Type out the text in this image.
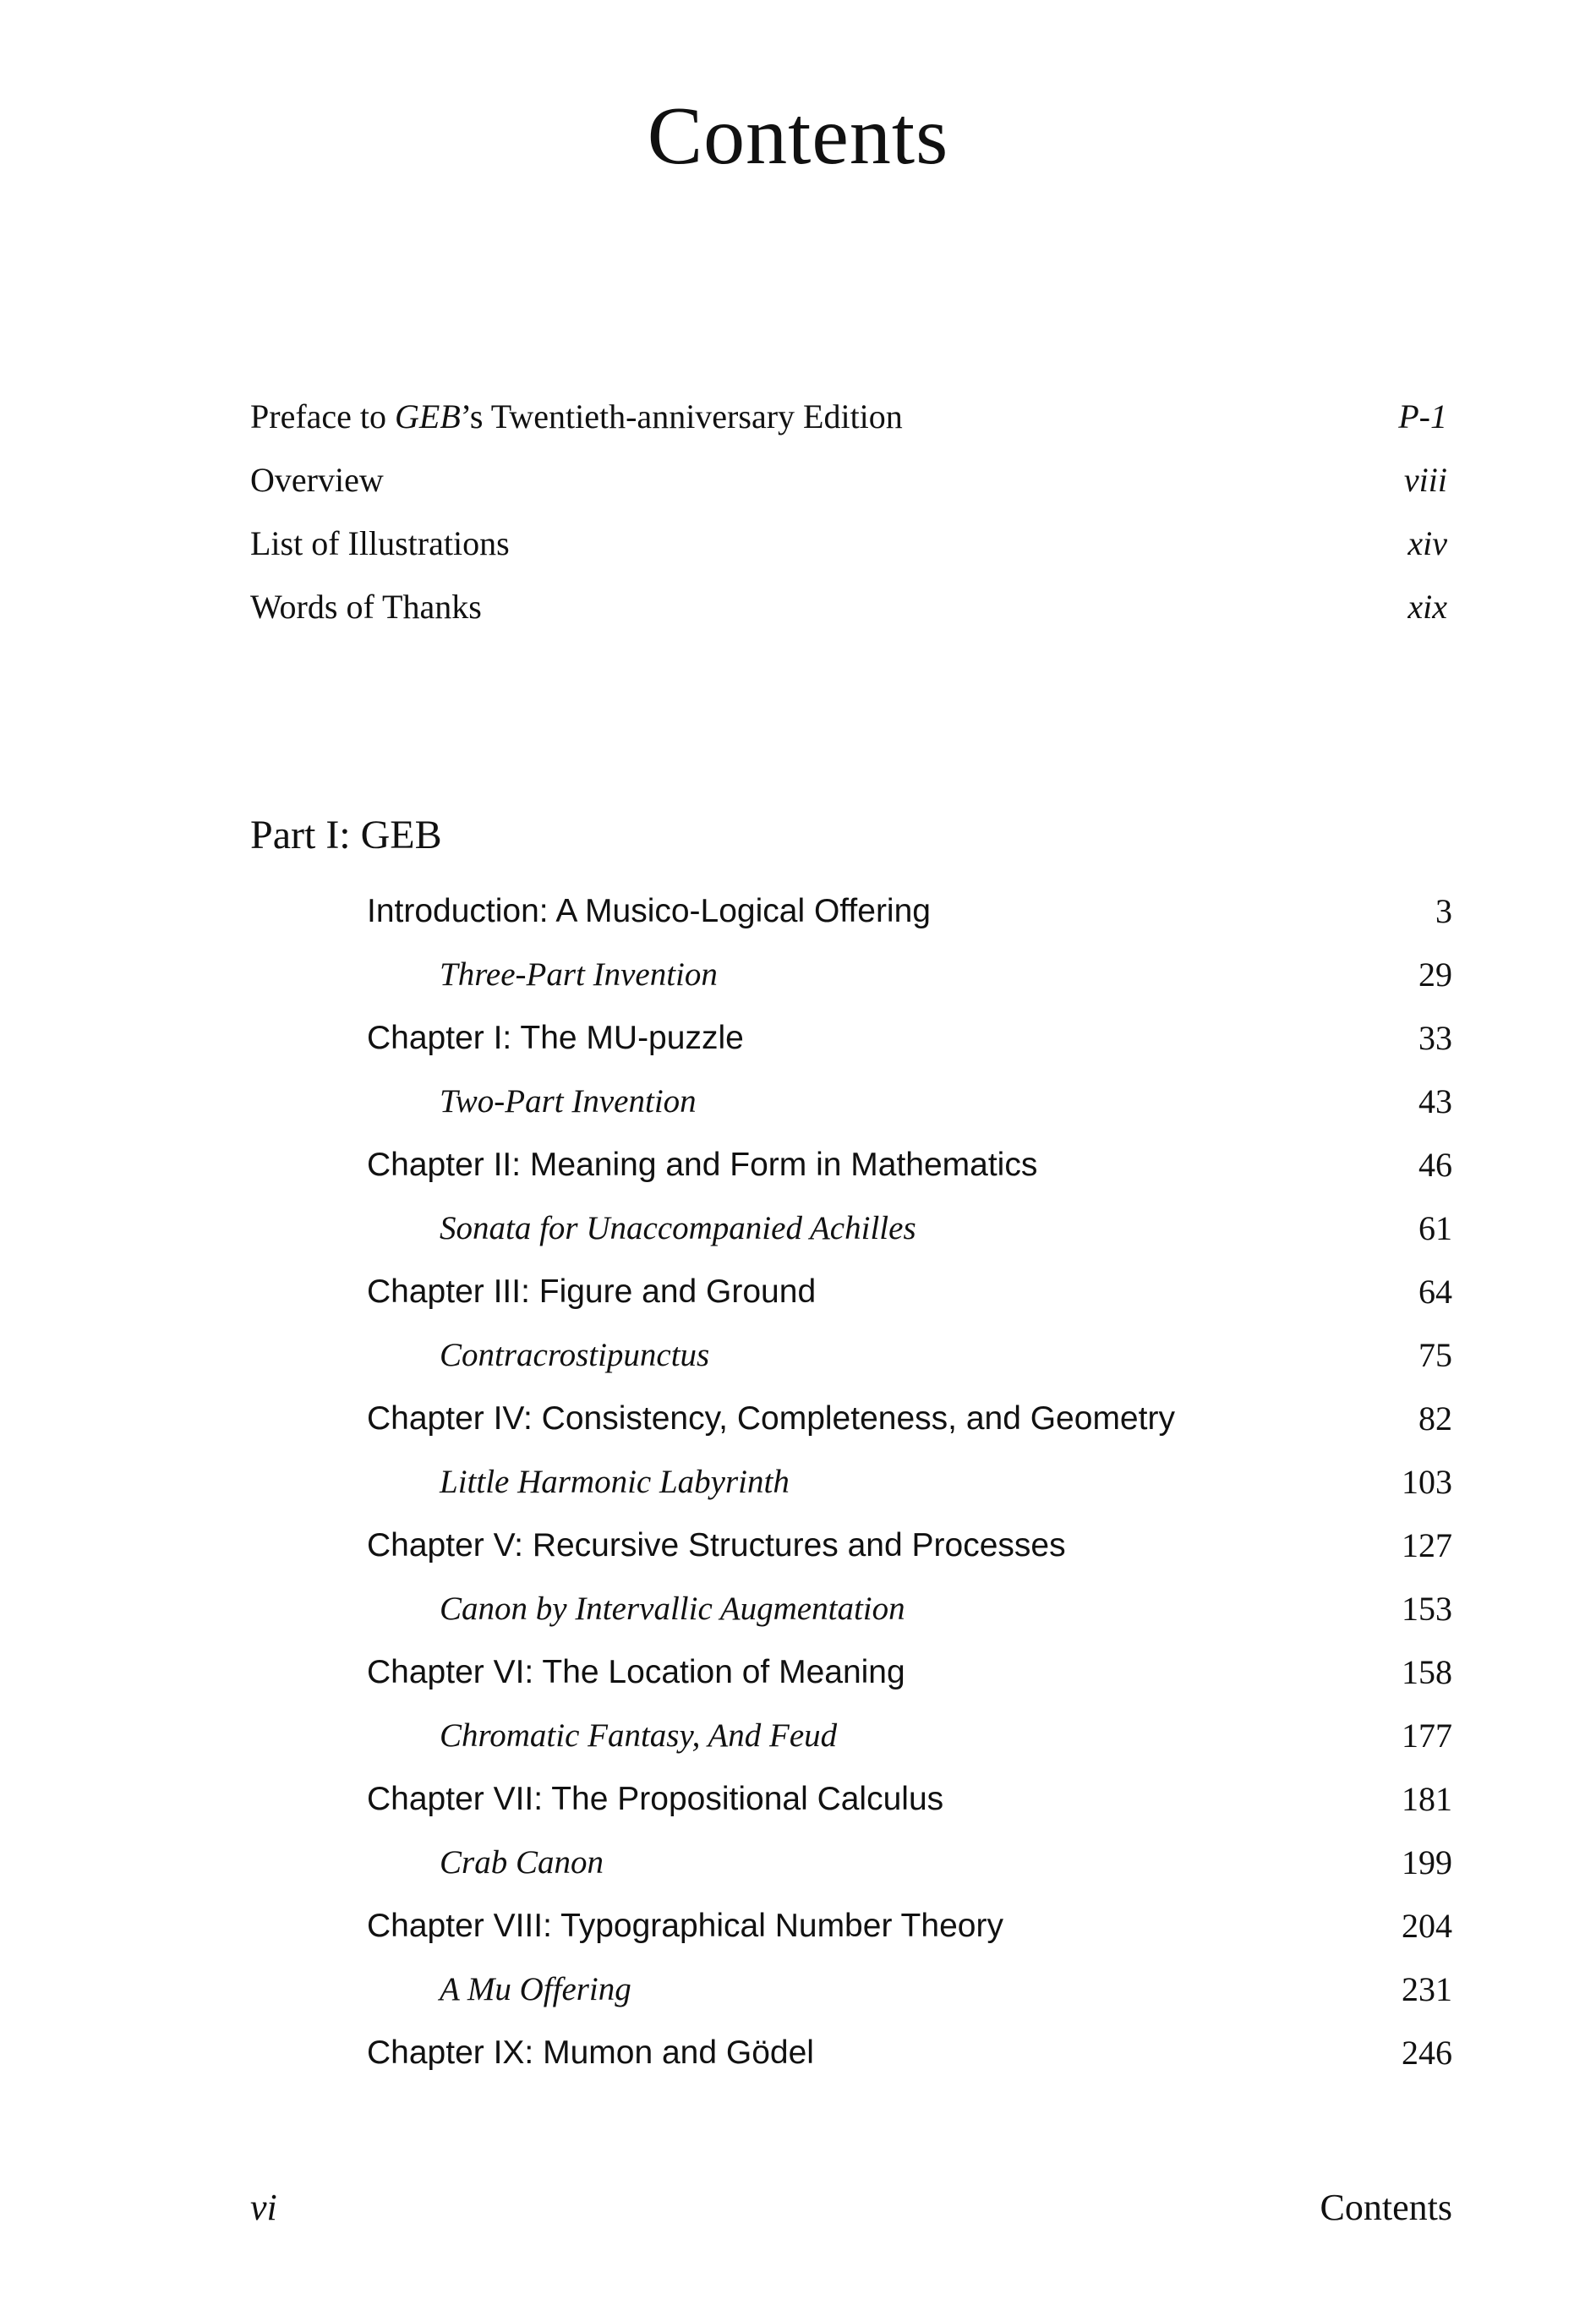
Contents
Preface to GEB’s Twentieth-anniversary Edition	P-1
Overview	viii
List of Illustrations	xiv
Words of Thanks	xix
Part I: GEB
Introduction: A Musico-Logical Offering	3
Three-Part Invention	29
Chapter I: The MU-puzzle	33
Two-Part Invention	43
Chapter II: Meaning and Form in Mathematics	46
Sonata for Unaccompanied Achilles	61
Chapter III: Figure and Ground	64
Contracrostipunctus	75
Chapter IV: Consistency, Completeness, and Geometry	82
Little Harmonic Labyrinth	103
Chapter V: Recursive Structures and Processes	127
Canon by Intervallic Augmentation	153
Chapter VI: The Location of Meaning	158
Chromatic Fantasy, And Feud	177
Chapter VII: The Propositional Calculus	181
Crab Canon	199
Chapter VIII: Typographical Number Theory	204
A Mu Offering	231
Chapter IX: Mumon and Gödel	246
vi	Contents
